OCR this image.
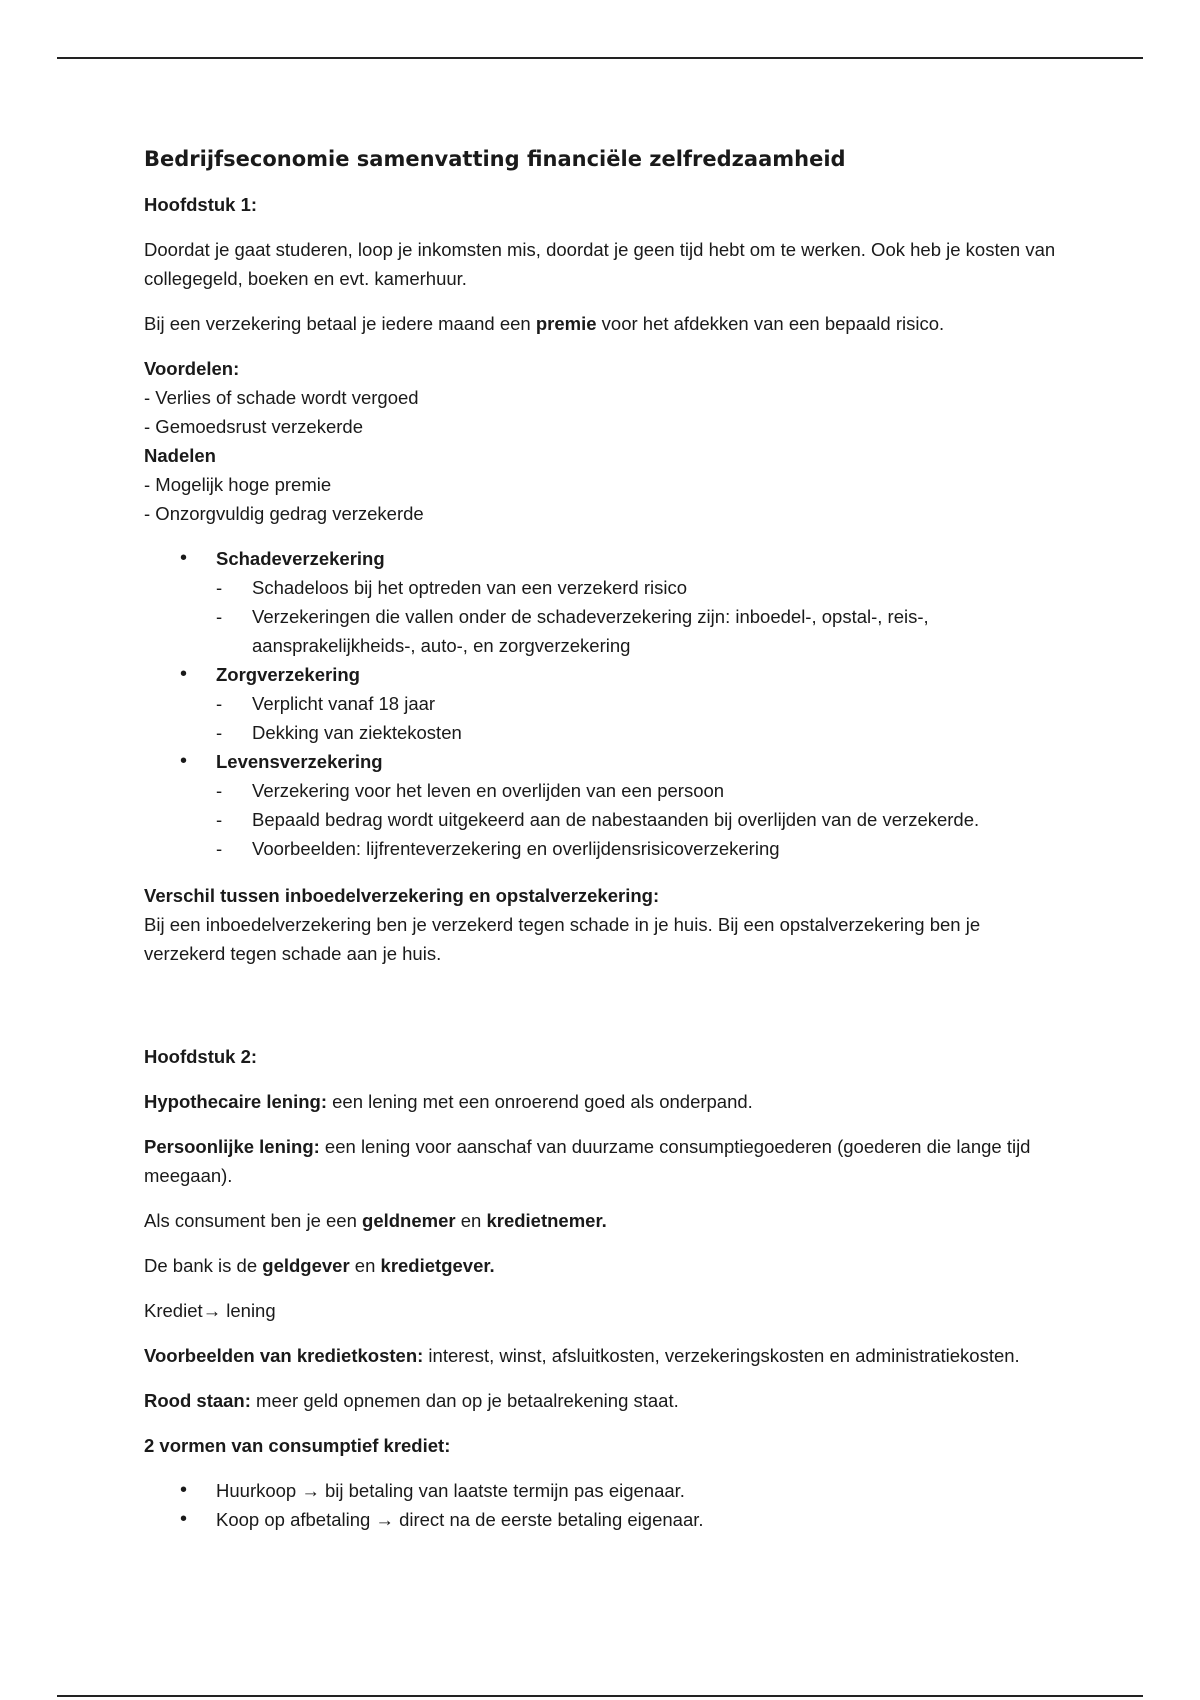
Bedrijfseconomie samenvatting financiële zelfredzaamheid

Hoofdstuk 1:

Doordat je gaat studeren, loop je inkomsten mis, doordat je geen tijd hebt om te werken. Ook heb je kosten van collegegeld, boeken en evt. kamerhuur.

Bij een verzekering betaal je iedere maand een premie voor het afdekken van een bepaald risico.

Voordelen:
- Verlies of schade wordt vergoed
- Gemoedsrust verzekerde
Nadelen
- Mogelijk hoge premie
- Onzorgvuldig gedrag verzekerde
• Schadeverzekering
- Schadeloos bij het optreden van een verzekerd risico
- Verzekeringen die vallen onder de schadeverzekering zijn: inboedel-, opstal-, reis-, aansprakelijkheids-, auto-, en zorgverzekering
• Zorgverzekering
- Verplicht vanaf 18 jaar
- Dekking van ziektekosten
• Levensverzekering
- Verzekering voor het leven en overlijden van een persoon
- Bepaald bedrag wordt uitgekeerd aan de nabestaanden bij overlijden van de verzekerde.
- Voorbeelden: lijfrenteverzekering en overlijdensrisicoverzekering
Verschil tussen inboedelverzekering en opstalverzekering:
Bij een inboedelverzekering ben je verzekerd tegen schade in je huis. Bij een opstalverzekering ben je verzekerd tegen schade aan je huis.

Hoofdstuk 2:

Hypothecaire lening: een lening met een onroerend goed als onderpand.

Persoonlijke lening: een lening voor aanschaf van duurzame consumptiegoederen (goederen die lange tijd meegaan).

Als consument ben je een geldnemer en kredietnemer.

De bank is de geldgever en kredietgever.

Krediet→ lening

Voorbeelden van kredietkosten: interest, winst, afsluitkosten, verzekeringskosten en administratiekosten.

Rood staan: meer geld opnemen dan op je betaalrekening staat.

2 vormen van consumptief krediet:

• Huurkoop → bij betaling van laatste termijn pas eigenaar.
• Koop op afbetaling → direct na de eerste betaling eigenaar.
